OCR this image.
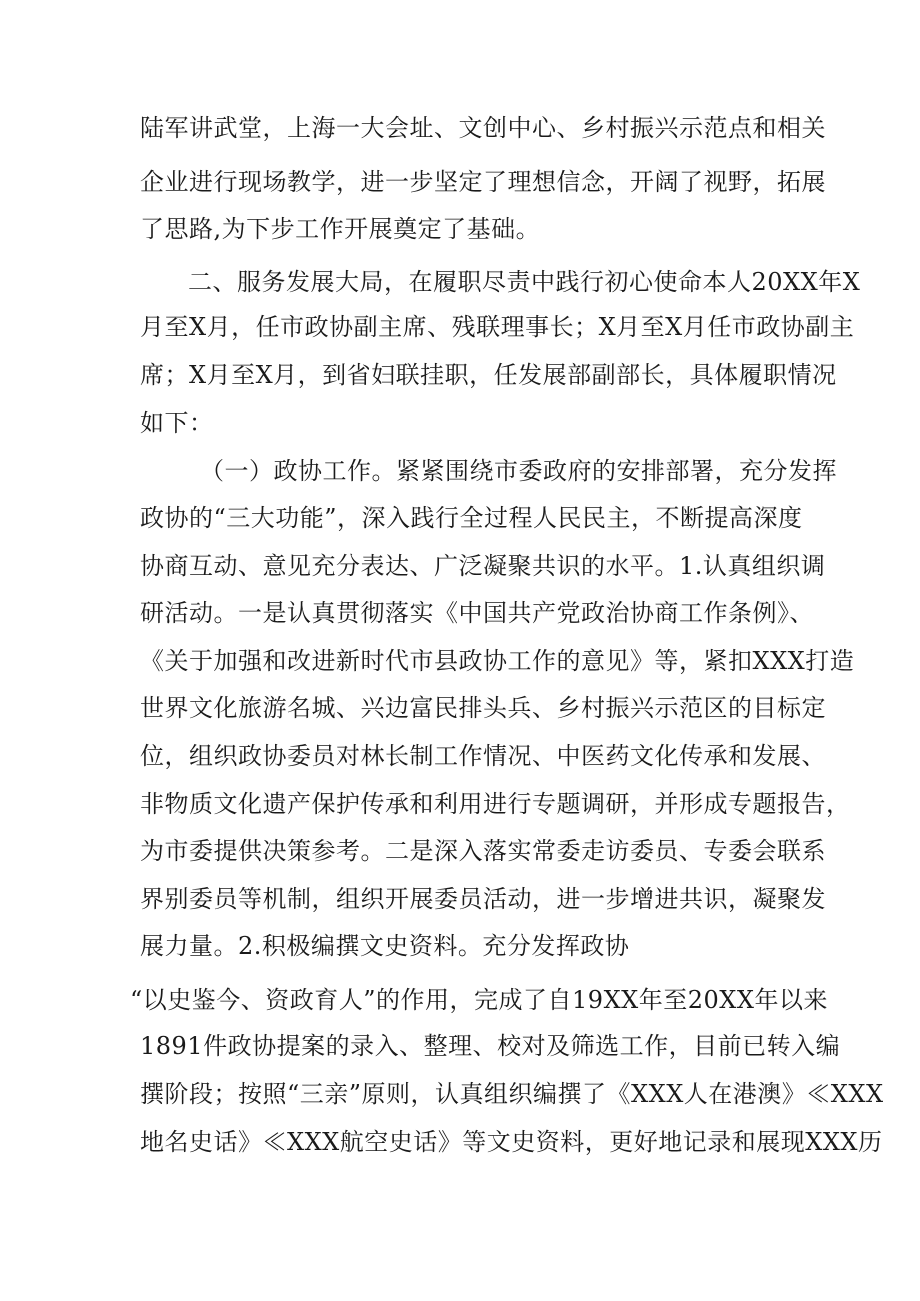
陆军讲武堂，上海一大会址、文创中心、乡村振兴示范点和相关
企业进行现场教学，进一步坚定了理想信念，开阔了视野，拓展
了思路,为下步工作开展奠定了基础。
二、服务发展大局，在履职尽责中践行初心使命本人20XX年X
月至X月，任市政协副主席、残联理事长；X月至X月任市政协副主
席；X月至X月，到省妇联挂职，任发展部副部长，具体履职情况
如下：
（一）政协工作。紧紧围绕市委政府的安排部署，充分发挥
政协的“三大功能”，深入践行全过程人民民主，不断提高深度
协商互动、意见充分表达、广泛凝聚共识的水平。1.认真组织调
研活动。一是认真贯彻落实《中国共产党政治协商工作条例》、
《关于加强和改进新时代市县政协工作的意见》等，紧扣XXX打造
世界文化旅游名城、兴边富民排头兵、乡村振兴示范区的目标定
位，组织政协委员对林长制工作情况、中医药文化传承和发展、
非物质文化遗产保护传承和利用进行专题调研，并形成专题报告，
为市委提供决策参考。二是深入落实常委走访委员、专委会联系
界别委员等机制，组织开展委员活动，进一步增进共识，凝聚发
展力量。2.积极编撰文史资料。充分发挥政协
“以史鉴今、资政育人”的作用，完成了自19XX年至20XX年以来
1891件政协提案的录入、整理、校对及筛选工作，目前已转入编
撰阶段；按照“三亲”原则，认真组织编撰了《XXX人在港澳》≪XXX
地名史话》≪XXX航空史话》等文史资料，更好地记录和展现XXX历
